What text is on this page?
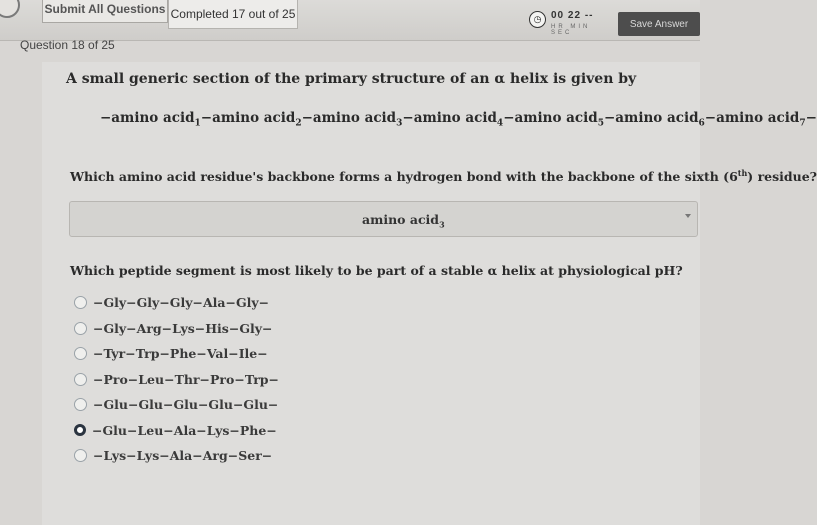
Submit All Questions Completed 17 out of 25	◷ 00 22 --
HR MIN SEC
Save Answer
Question 18 of 25
A small generic section of the primary structure of an α helix is given by
−amino acid$_1$−amino acid$_2$−amino acid$_3$−amino acid$_4$−amino acid$_5$−amino acid$_6$−amino acid$_7$−
Which amino acid residue's backbone forms a hydrogen bond with the backbone of the sixth (6th) residue?
amino acid$_3$
Which peptide segment is most likely to be part of a stable α helix at physiological pH?
−Gly−Gly−Gly−Ala−Gly−
−Gly−Arg−Lys−His−Gly−
−Tyr−Trp−Phe−Val−Ile−
−Pro−Leu−Thr−Pro−Trp−
−Glu−Glu−Glu−Glu−Glu−
−Glu−Leu−Ala−Lys−Phe−
−Lys−Lys−Ala−Arg−Ser−
